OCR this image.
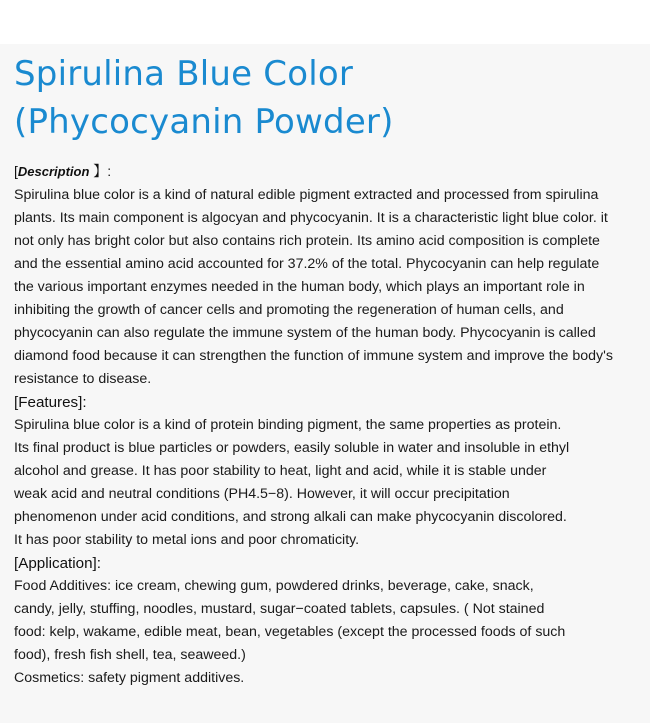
Spirulina Blue Color
(Phycocyanin Powder)
[Description 】:
Spirulina blue color is a kind of natural edible pigment extracted and processed from spirulina
plants. Its main component is algocyan and phycocyanin. It is a characteristic light blue color. it
not only has bright color but also contains rich protein. Its amino acid composition is complete
and the essential amino acid accounted for 37.2% of the total. Phycocyanin can help regulate
the various important enzymes needed in the human body, which plays an important role in
inhibiting the growth of cancer cells and promoting the regeneration of human cells, and
phycocyanin can also regulate the immune system of the human body. Phycocyanin is called
diamond food because it can strengthen the function of immune system and improve the body's
resistance to disease.
[Features]:
Spirulina blue color is a kind of protein binding pigment, the same properties as protein.
Its final product is blue particles or powders, easily soluble in water and insoluble in ethyl
alcohol and grease. It has poor stability to heat, light and acid, while it is stable under
weak acid and neutral conditions (PH4.5−8). However, it will occur precipitation
phenomenon under acid conditions, and strong alkali can make phycocyanin discolored.
It has poor stability to metal ions and poor chromaticity.
[Application]:
Food Additives: ice cream, chewing gum, powdered drinks, beverage, cake, snack,
candy, jelly, stuffing, noodles, mustard, sugar−coated tablets, capsules. ( Not stained
food: kelp, wakame, edible meat, bean, vegetables (except the processed foods of such
food), fresh fish shell, tea, seaweed.)
Cosmetics: safety pigment additives.
